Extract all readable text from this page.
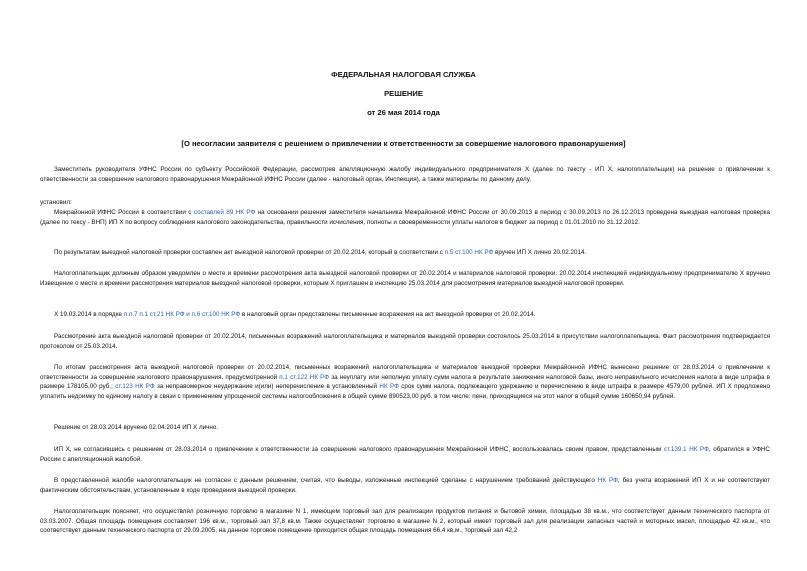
ФЕДЕРАЛЬНАЯ НАЛОГОВАЯ СЛУЖБА
РЕШЕНИЕ
от 26 мая 2014 года
[О несогласии заявителя с решением о привлечении к ответственности за совершение налогового правонарушения]

Заместитель руководителя УФНС России по субъекту Российской Федерации, рассмотрев апелляционную жалобу индивидуального предпринимателя Х (далее по тексту - ИП Х, налогоплательщик) на решение о привлечении к ответственности за совершение налогового правонарушения Межрайонной ИФНС России (далее - налоговый орган, Инспекция), а также материалы по данному делу,

установил:

Межрайонной ИФНС России в соответствии с составлей 89 НК РФ на основании решения заместителя начальника Межрайонной ИФНС России от 30.09.2013 в период с 30.09.2013 по 26.12.2013 проведена выездная налоговая проверка (далее по тексу - ВНП) ИП Х по вопросу соблюдения налогового законодательства, правильности исчисления, полноты и своевременности уплаты налогов в бюджет за период с 01.01.2010 по 31.12.2012.

По результатам выездной налоговой проверки составлен акт выездной налоговой проверки от 20.02.2014, который в соответствии с п.5 ст.100 НК РФ вручен ИП Х лично 20.02.2014.

Налогоплательщик должным образом уведомлен о месте и времени рассмотрения акта выездной налоговой проверки от 20.02.2014 и материалов налоговой проверки. 20.02.2014 инспекцией индивидуальному предпринимателю Х вручено Извещение о месте и времени рассмотрения материалов выездной налоговой проверки, которым Х приглашен в инспекцию 25.03.2014 для рассмотрения материалов выездной налоговой проверки.

Х 19.03.2014 в порядке п.п.7 п.1 ст.21 НК РФ и п.6 ст.100 НК РФ в налоговый орган представлены письменные возражения на акт выездной проверки от 20.02.2014.

Рассмотрение акта выездной налоговой проверки от 20.02.2014, письменных возражений налогоплательщика и материалов выездной проверки состоялось 25.03.2014 в присутствии налогоплательщика. Факт рассмотрения подтверждается протоколом от 25.03.2014.

По итогам рассмотрения акта выездной налоговой проверки от 20.02.2014, письменных возражений налогоплательщика и материалов выездной проверки Межрайонной ИФНС вынесено решение от 28.03.2014 о привлечении к ответственности за совершение налогового правонарушения, предусмотренной п.1 ст.122 НК РФ за неуплату или неполную уплату сумм налога в результате занижения налоговой базы, иного неправильного исчисления налога в виде штрафа в размере 178105,00 руб.; ст.123 НК РФ за неправомерное неудержание и(или) неперечисление в установленный НК РФ срок сумм налога, подлежащего удержанию и перечислению в виде штрафа в размере 4579,00 рублей. ИП Х предложено уплатить недоимку по единому налогу в связи с применением упрощенной системы налогообложения в общей сумме 890523,00 руб. в том числе: пени, приходящиеся на этот налог в общей сумме 160650,94 рублей.

Решение от 28.03.2014 вручено 02.04.2014 ИП Х лично.

ИП Х, не согласившись с решением от 28.03.2014 о привлечении к ответственности за совершение налогового правонарушения Межрайонной ИФНС, воспользовалась своим правом, представленным ст.139.1 НК РФ, обратился в УФНС России с апелляционной жалобой.

В представленной жалобе налогоплательщик не согласен с данным решением, считая, что выводы, изложенные инспекцией сделаны с нарушением требований действующего НК РФ, без учета возражений ИП Х и не соответствуют фактическим обстоятельствам, установленным в ходе проведения выездной проверки.

Налогоплательщик поясняет, что осуществлял розничную торговлю в магазине N 1, имеющем торговый зал для реализации продуктов питания и бытовой химии, площадью 38 кв.м., что соответствует данным технического паспорта от 03.03.2007. Общая площадь помещения составляет 196 кв.м., торговый зал 37,8 кв.м. Также осуществляет торговлю в магазине N 2, который имеет торговый зал для реализации запасных частей и моторных масел, площадью 42 кв.м., что соответствует данным технического паспорта от 29.09.2005, на данное торговое помещение приходится общая площадь помещения 66,4 кв.м., торговый зал 42,2
